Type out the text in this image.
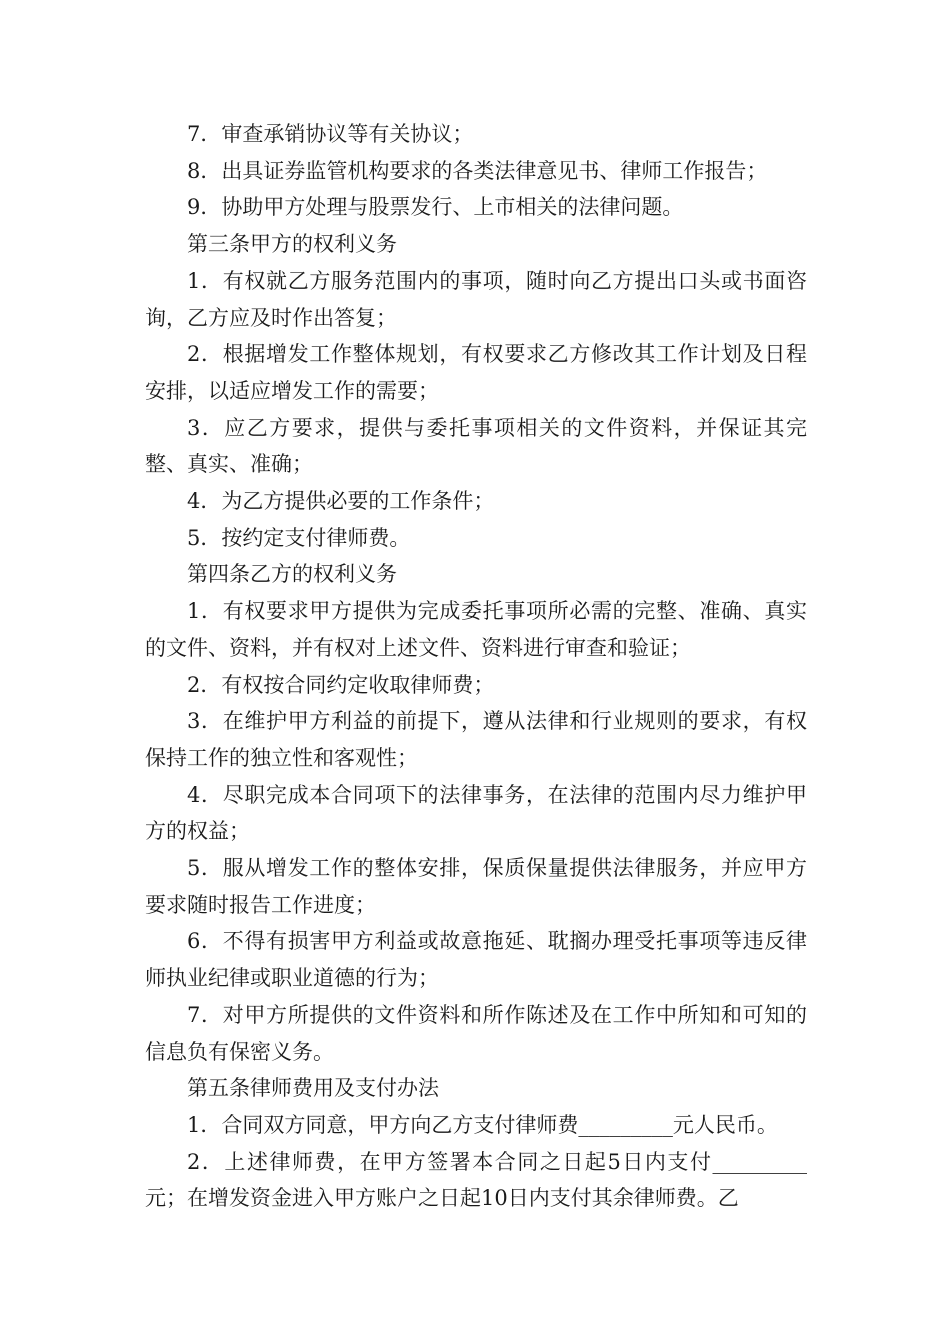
7．审查承销协议等有关协议；

8．出具证券监管机构要求的各类法律意见书、律师工作报告；

9．协助甲方处理与股票发行、上市相关的法律问题。

第三条甲方的权利义务

1．有权就乙方服务范围内的事项，随时向乙方提出口头或书面咨询，乙方应及时作出答复；

2．根据增发工作整体规划，有权要求乙方修改其工作计划及日程安排，以适应增发工作的需要；

3．应乙方要求，提供与委托事项相关的文件资料，并保证其完整、真实、准确；

4．为乙方提供必要的工作条件；

5．按约定支付律师费。

第四条乙方的权利义务

1．有权要求甲方提供为完成委托事项所必需的完整、准确、真实的文件、资料，并有权对上述文件、资料进行审查和验证；

2．有权按合同约定收取律师费；

3．在维护甲方利益的前提下，遵从法律和行业规则的要求，有权保持工作的独立性和客观性；

4．尽职完成本合同项下的法律事务，在法律的范围内尽力维护甲方的权益；

5．服从增发工作的整体安排，保质保量提供法律服务，并应甲方要求随时报告工作进度；

6．不得有损害甲方利益或故意拖延、耽搁办理受托事项等违反律师执业纪律或职业道德的行为；

7．对甲方所提供的文件资料和所作陈述及在工作中所知和可知的信息负有保密义务。

第五条律师费用及支付办法

1．合同双方同意，甲方向乙方支付律师费_________元人民币。

2．上述律师费，在甲方签署本合同之日起5日内支付_________元；在增发资金进入甲方账户之日起10日内支付其余律师费。乙
